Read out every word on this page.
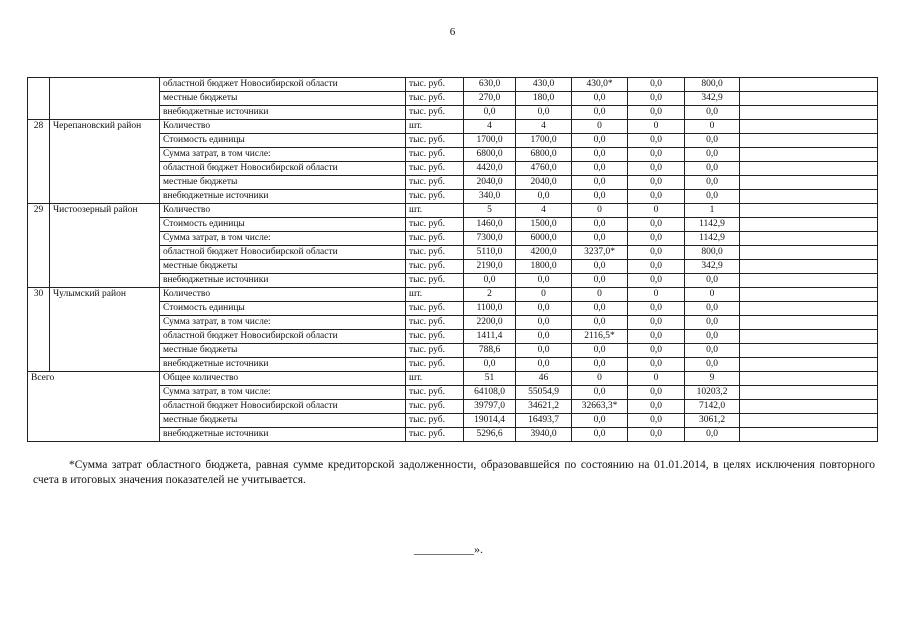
6
		областной бюджет Новосибирской области	тыс. руб.	630,0	430,0	430,0*	0,0	800,0	
		местные бюджеты	тыс. руб.	270,0	180,0	0,0	0,0	342,9	
		внебюджетные источники	тыс. руб.	0,0	0,0	0,0	0,0	0,0	
28	Черепановский район	Количество	шт.	4	4	0	0	0	
		Стоимость единицы	тыс. руб.	1700,0	1700,0	0,0	0,0	0,0	
		Сумма затрат, в том числе:	тыс. руб.	6800,0	6800,0	0,0	0,0	0,0	
		областной бюджет Новосибирской области	тыс. руб.	4420,0	4760,0	0,0	0,0	0,0	
		местные бюджеты	тыс. руб.	2040,0	2040,0	0,0	0,0	0,0	
		внебюджетные источники	тыс. руб.	340,0	0,0	0,0	0,0	0,0	
29	Чистоозерный район	Количество	шт.	5	4	0	0	1	
		Стоимость единицы	тыс. руб.	1460,0	1500,0	0,0	0,0	1142,9	
		Сумма затрат, в том числе:	тыс. руб.	7300,0	6000,0	0,0	0,0	1142,9	
		областной бюджет Новосибирской области	тыс. руб.	5110,0	4200,0	3237,0*	0,0	800,0	
		местные бюджеты	тыс. руб.	2190,0	1800,0	0,0	0,0	342,9	
		внебюджетные источники	тыс. руб.	0,0	0,0	0,0	0,0	0,0	
30	Чулымский район	Количество	шт.	2	0	0	0	0	
		Стоимость единицы	тыс. руб.	1100,0	0,0	0,0	0,0	0,0	
		Сумма затрат, в том числе:	тыс. руб.	2200,0	0,0	0,0	0,0	0,0	
		областной бюджет Новосибирской области	тыс. руб.	1411,4	0,0	2116,5*	0,0	0,0	
		местные бюджеты	тыс. руб.	788,6	0,0	0,0	0,0	0,0	
		внебюджетные источники	тыс. руб.	0,0	0,0	0,0	0,0	0,0	
Всего		Общее количество	шт.	51	46	0	0	9	
		Сумма затрат, в том числе:	тыс. руб.	64108,0	55054,9	0,0	0,0	10203,2	
		областной бюджет Новосибирской области	тыс. руб.	39797,0	34621,2	32663,3*	0,0	7142,0	
		местные бюджеты	тыс. руб.	19014,4	16493,7	0,0	0,0	3061,2	
		внебюджетные источники	тыс. руб.	5296,6	3940,0	0,0	0,0	0,0	
*Сумма затрат областного бюджета, равная сумме кредиторской задолженности, образовавшейся по состоянию на 01.01.2014, в целях исключения повторного счета в итоговых значения показателей не учитывается.
__________».
